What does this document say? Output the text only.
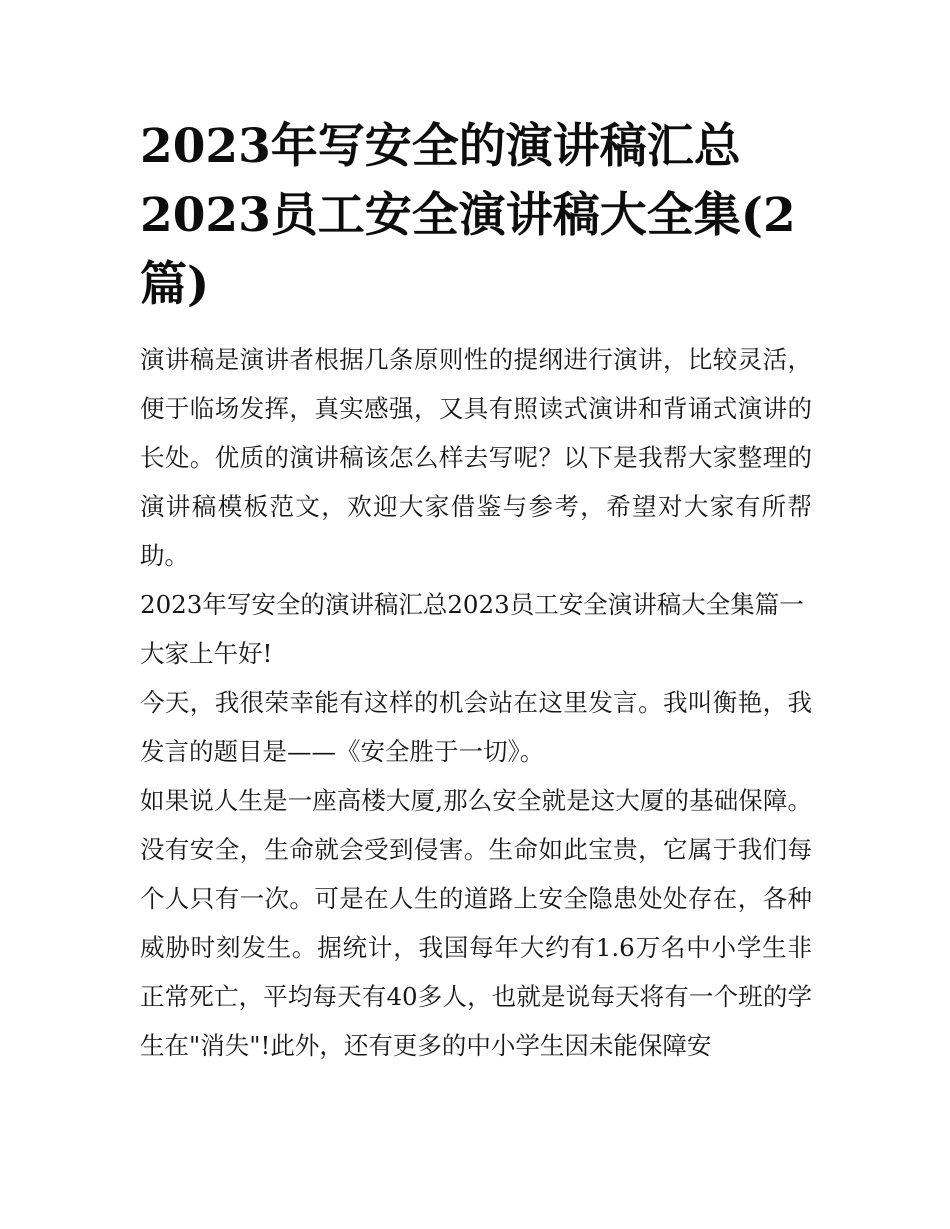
2023年写安全的演讲稿汇总2023员工安全演讲稿大全集(2篇)

演讲稿是演讲者根据几条原则性的提纲进行演讲，比较灵活，便于临场发挥，真实感强，又具有照读式演讲和背诵式演讲的长处。优质的演讲稿该怎么样去写呢？以下是我帮大家整理的演讲稿模板范文，欢迎大家借鉴与参考，希望对大家有所帮助。

2023年写安全的演讲稿汇总2023员工安全演讲稿大全集篇一

大家上午好!

今天，我很荣幸能有这样的机会站在这里发言。我叫衡艳，我发言的题目是——《安全胜于一切》。

如果说人生是一座高楼大厦,那么安全就是这大厦的基础保障。没有安全，生命就会受到侵害。生命如此宝贵，它属于我们每个人只有一次。可是在人生的道路上安全隐患处处存在，各种威胁时刻发生。据统计，我国每年大约有1.6万名中小学生非正常死亡，平均每天有40多人，也就是说每天将有一个班的学生在"消失"!此外，还有更多的中小学生因未能保障安
